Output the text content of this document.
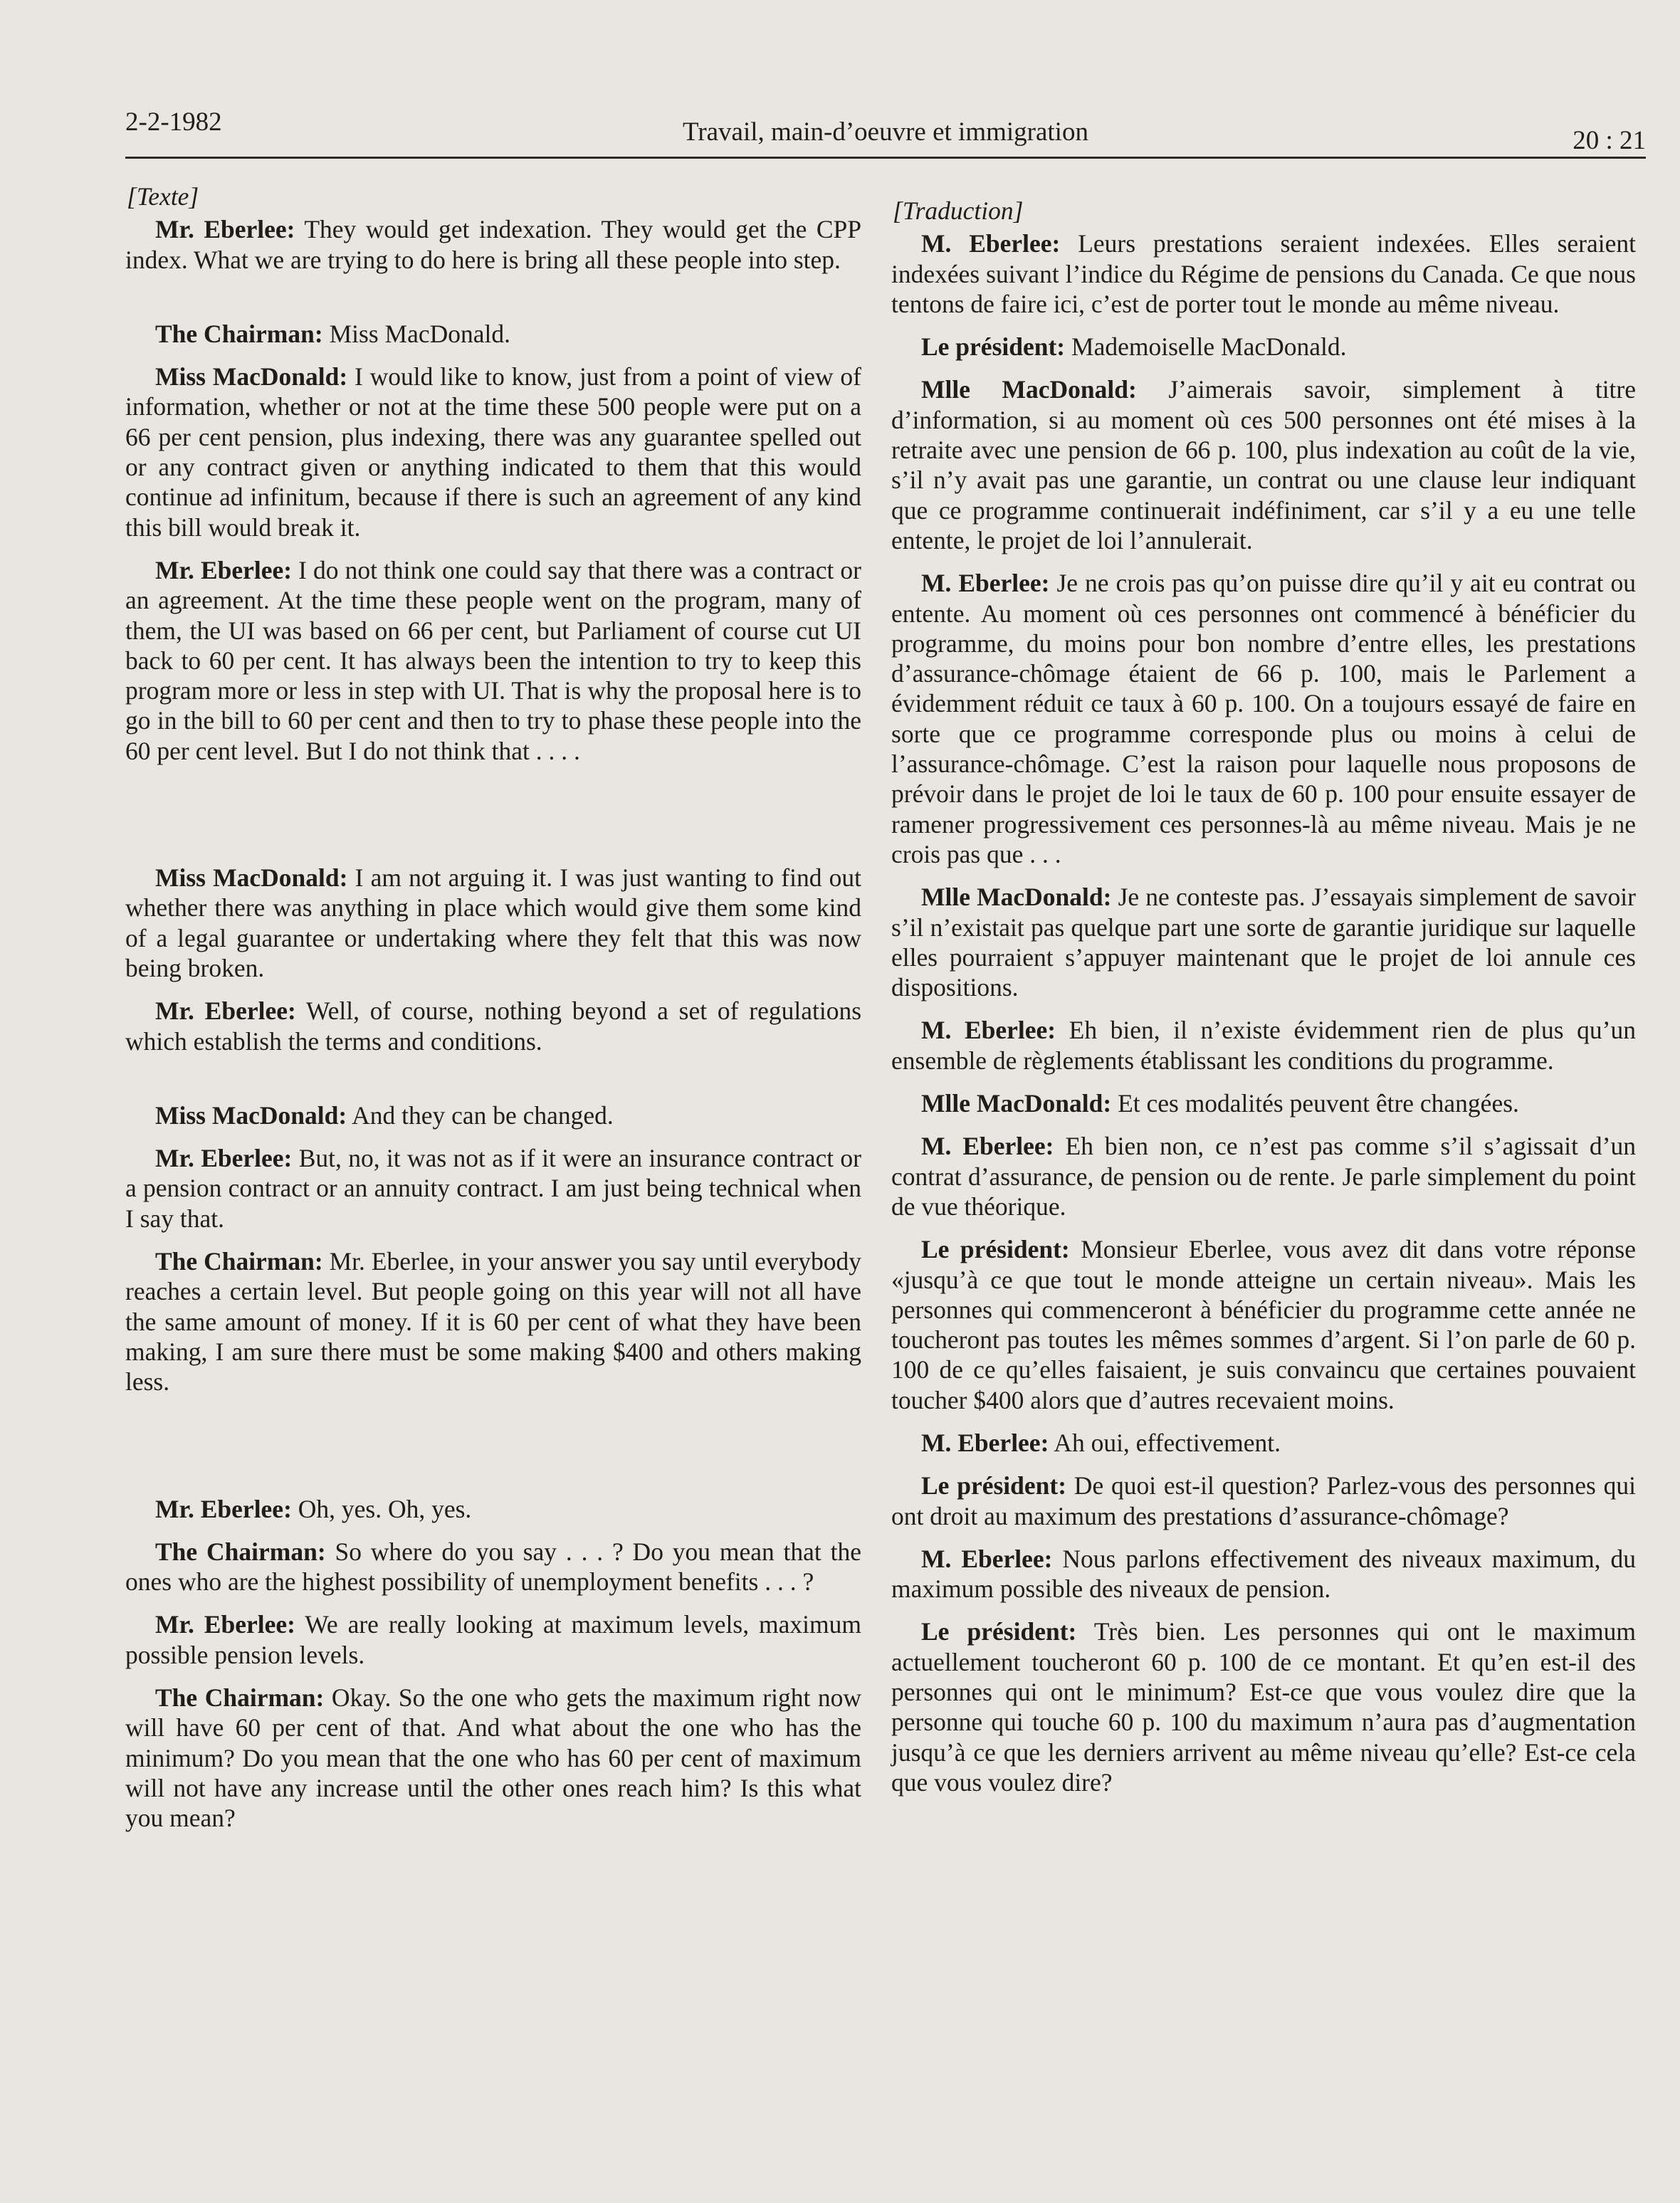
2-2-1982	Travail, main-d’oeuvre et immigration	20 : 21
[Texte]

Mr. Eberlee: They would get indexation. They would get the CPP index. What we are trying to do here is bring all these people into step.

The Chairman: Miss MacDonald.

Miss MacDonald: I would like to know, just from a point of view of information, whether or not at the time these 500 people were put on a 66 per cent pension, plus indexing, there was any guarantee spelled out or any contract given or anything indicated to them that this would continue ad infinitum, because if there is such an agreement of any kind this bill would break it.

Mr. Eberlee: I do not think one could say that there was a contract or an agreement. At the time these people went on the program, many of them, the UI was based on 66 per cent, but Parliament of course cut UI back to 60 per cent. It has always been the intention to try to keep this program more or less in step with UI. That is why the proposal here is to go in the bill to 60 per cent and then to try to phase these people into the 60 per cent level. But I do not think that . . . .

Miss MacDonald: I am not arguing it. I was just wanting to find out whether there was anything in place which would give them some kind of a legal guarantee or undertaking where they felt that this was now being broken.

Mr. Eberlee: Well, of course, nothing beyond a set of regulations which establish the terms and conditions.

Miss MacDonald: And they can be changed.

Mr. Eberlee: But, no, it was not as if it were an insurance contract or a pension contract or an annuity contract. I am just being technical when I say that.

The Chairman: Mr. Eberlee, in your answer you say until everybody reaches a certain level. But people going on this year will not all have the same amount of money. If it is 60 per cent of what they have been making, I am sure there must be some making $400 and others making less.

Mr. Eberlee: Oh, yes. Oh, yes.

The Chairman: So where do you say . . . ? Do you mean that the ones who are the highest possibility of unemployment benefits . . . ?

Mr. Eberlee: We are really looking at maximum levels, maximum possible pension levels.

The Chairman: Okay. So the one who gets the maximum right now will have 60 per cent of that. And what about the one who has the minimum? Do you mean that the one who has 60 per cent of maximum will not have any increase until the other ones reach him? Is this what you mean?

[Traduction]

M. Eberlee: Leurs prestations seraient indexées. Elles seraient indexées suivant l’indice du Régime de pensions du Canada. Ce que nous tentons de faire ici, c’est de porter tout le monde au même niveau.

Le président: Mademoiselle MacDonald.

Mlle MacDonald: J’aimerais savoir, simplement à titre d’information, si au moment où ces 500 personnes ont été mises à la retraite avec une pension de 66 p. 100, plus indexation au coût de la vie, s’il n’y avait pas une garantie, un contrat ou une clause leur indiquant que ce programme continuerait indéfiniment, car s’il y a eu une telle entente, le projet de loi l’annulerait.

M. Eberlee: Je ne crois pas qu’on puisse dire qu’il y ait eu contrat ou entente. Au moment où ces personnes ont commencé à bénéficier du programme, du moins pour bon nombre d’entre elles, les prestations d’assurance-chômage étaient de 66 p. 100, mais le Parlement a évidemment réduit ce taux à 60 p. 100. On a toujours essayé de faire en sorte que ce programme corresponde plus ou moins à celui de l’assurance-chômage. C’est la raison pour laquelle nous proposons de prévoir dans le projet de loi le taux de 60 p. 100 pour ensuite essayer de ramener progressivement ces personnes-là au même niveau. Mais je ne crois pas que . . .

Mlle MacDonald: Je ne conteste pas. J’essayais simplement de savoir s’il n’existait pas quelque part une sorte de garantie juridique sur laquelle elles pourraient s’appuyer maintenant que le projet de loi annule ces dispositions.

M. Eberlee: Eh bien, il n’existe évidemment rien de plus qu’un ensemble de règlements établissant les conditions du programme.

Mlle MacDonald: Et ces modalités peuvent être changées.

M. Eberlee: Eh bien non, ce n’est pas comme s’il s’agissait d’un contrat d’assurance, de pension ou de rente. Je parle simplement du point de vue théorique.

Le président: Monsieur Eberlee, vous avez dit dans votre réponse «jusqu’à ce que tout le monde atteigne un certain niveau». Mais les personnes qui commenceront à bénéficier du programme cette année ne toucheront pas toutes les mêmes sommes d’argent. Si l’on parle de 60 p. 100 de ce qu’elles faisaient, je suis convaincu que certaines pouvaient toucher $400 alors que d’autres recevaient moins.

M. Eberlee: Ah oui, effectivement.

Le président: De quoi est-il question? Parlez-vous des personnes qui ont droit au maximum des prestations d’assurance-chômage?

M. Eberlee: Nous parlons effectivement des niveaux maximum, du maximum possible des niveaux de pension.

Le président: Très bien. Les personnes qui ont le maximum actuellement toucheront 60 p. 100 de ce montant. Et qu’en est-il des personnes qui ont le minimum? Est-ce que vous voulez dire que la personne qui touche 60 p. 100 du maximum n’aura pas d’augmentation jusqu’à ce que les derniers arrivent au même niveau qu’elle? Est-ce cela que vous voulez dire?
